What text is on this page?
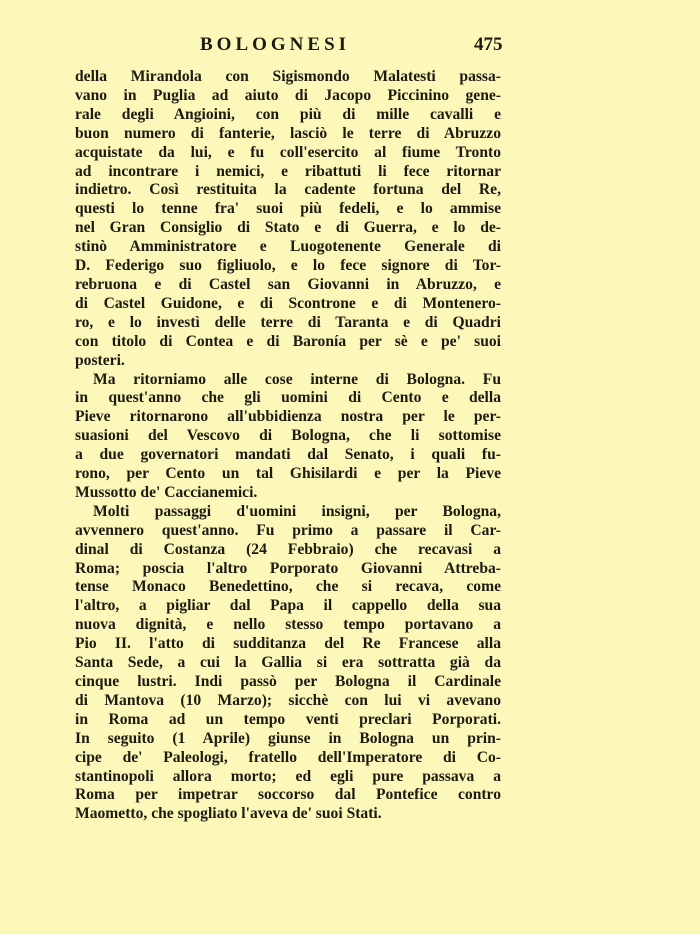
BOLOGNESI	475

della Mirandola con Sigismondo Malatesti passa-
vano in Puglia ad aiuto di Jacopo Piccinino gene-
rale degli Angioini, con più di mille cavalli e
buon numero di fanterie, lasciò le terre di Abruzzo
acquistate da lui, e fu coll'esercito al fiume Tronto
ad incontrare i nemici, e ribattuti li fece ritornar
indietro. Così restituita la cadente fortuna del Re,
questi lo tenne fra' suoi più fedeli, e lo ammise
nel Gran Consiglio di Stato e di Guerra, e lo de-
stinò Amministratore e Luogotenente Generale di
D. Federigo suo figliuolo, e lo fece signore di Tor-
rebruona e di Castel san Giovanni in Abruzzo, e
di Castel Guidone, e di Scontrone e di Montenero-
ro, e lo investì delle terre di Taranta e di Quadri
con titolo di Contea e di Baronía per sè e pe' suoi
posteri.

Ma ritorniamo alle cose interne di Bologna. Fu
in quest'anno che gli uomini di Cento e della
Pieve ritornarono all'ubbidienza nostra per le per-
suasioni del Vescovo di Bologna, che li sottomise
a due governatori mandati dal Senato, i quali fu-
rono, per Cento un tal Ghisilardi e per la Pieve
Mussotto de' Caccianemici.

Molti passaggi d'uomini insigni, per Bologna,
avvennero quest'anno. Fu primo a passare il Car-
dinal di Costanza (24 Febbraio) che recavasi a
Roma; poscia l'altro Porporato Giovanni Attreba-
tense Monaco Benedettino, che si recava, come
l'altro, a pigliar dal Papa il cappello della sua
nuova dignità, e nello stesso tempo portavano a
Pio II. l'atto di sudditanza del Re Francese alla
Santa Sede, a cui la Gallia si era sottratta già da
cinque lustri. Indi passò per Bologna il Cardinale
di Mantova (10 Marzo); sicchè con lui vi avevano
in Roma ad un tempo venti preclari Porporati.
In seguito (1 Aprile) giunse in Bologna un prin-
cipe de' Paleologi, fratello dell'Imperatore di Co-
stantinopoli allora morto; ed egli pure passava a
Roma per impetrar soccorso dal Pontefice contro
Maometto, che spogliato l'aveva de' suoi Stati.
